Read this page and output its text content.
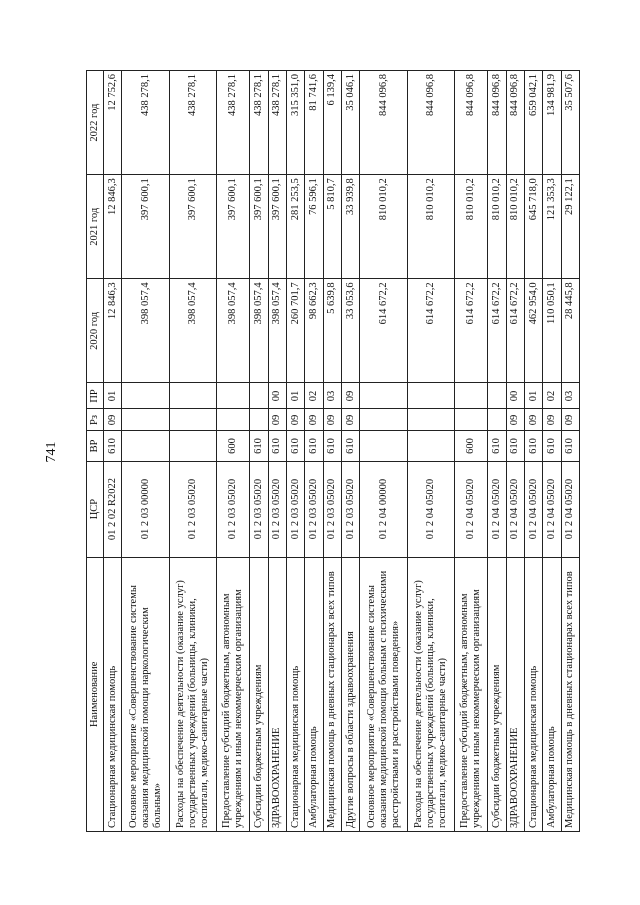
741
Наименование	ЦСР	ВР	Рз	ПР	2020 год	2021 год	2022 год
Стационарная медицинская помощь	01 2 02 R2022	610	09	01	12 846,3	12 846,3	12 752,6
Основное мероприятие «Совершенствование системы оказания медицинской помощи наркологическим больным»	01 2 03 00000				398 057,4	397 600,1	438 278,1
Расходы на обеспечение деятельности (оказание услуг) государственных учреждений (больницы, клиники, госпитали, медико-санитарные части)	01 2 03 05020				398 057,4	397 600,1	438 278,1
Предоставление субсидий бюджетным, автономным учреждениям и иным некоммерческим организациям	01 2 03 05020	600			398 057,4	397 600,1	438 278,1
Субсидии бюджетным учреждениям	01 2 03 05020	610			398 057,4	397 600,1	438 278,1
ЗДРАВООХРАНЕНИЕ	01 2 03 05020	610	09	00	398 057,4	397 600,1	438 278,1
Стационарная медицинская помощь	01 2 03 05020	610	09	01	260 701,7	281 253,5	315 351,0
Амбулаторная помощь	01 2 03 05020	610	09	02	98 662,3	76 596,1	81 741,6
Медицинская помощь в дневных стационарах всех типов	01 2 03 05020	610	09	03	5 639,8	5 810,7	6 139,4
Другие вопросы в области здравоохранения	01 2 03 05020	610	09	09	33 053,6	33 939,8	35 046,1
Основное мероприятие «Совершенствование системы оказания медицинской помощи больным с психическими расстройствами и расстройствами поведения»	01 2 04 00000				614 672,2	810 010,2	844 096,8
Расходы на обеспечение деятельности (оказание услуг) государственных учреждений (больницы, клиники, госпитали, медико-санитарные части)	01 2 04 05020				614 672,2	810 010,2	844 096,8
Предоставление субсидий бюджетным, автономным учреждениям и иным некоммерческим организациям	01 2 04 05020	600			614 672,2	810 010,2	844 096,8
Субсидии бюджетным учреждениям	01 2 04 05020	610			614 672,2	810 010,2	844 096,8
ЗДРАВООХРАНЕНИЕ	01 2 04 05020	610	09	00	614 672,2	810 010,2	844 096,8
Стационарная медицинская помощь	01 2 04 05020	610	09	01	462 954,0	645 718,0	659 042,1
Амбулаторная помощь	01 2 04 05020	610	09	02	110 050,1	121 353,3	134 981,9
Медицинская помощь в дневных стационарах всех типов	01 2 04 05020	610	09	03	28 445,8	29 122,1	35 507,6
